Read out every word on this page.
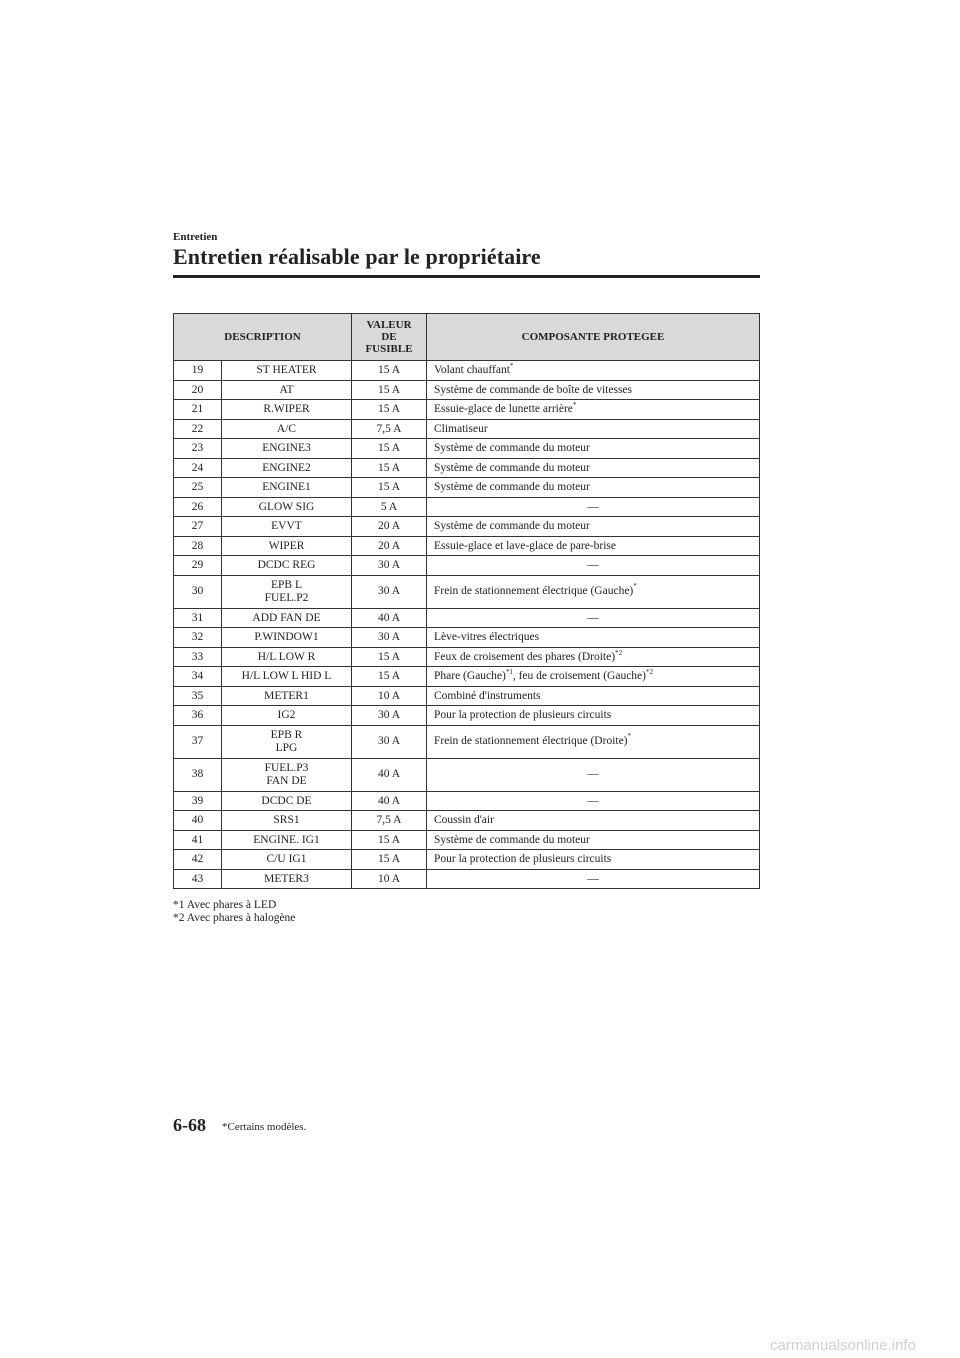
Entretien
Entretien réalisable par le propriétaire
DESCRIPTION		VALEUR
DE
FUSIBLE	COMPOSANTE PROTEGEE
19	ST HEATER	15 A	Volant chauffant*
20	AT	15 A	Système de commande de boîte de vitesses
21	R.WIPER	15 A	Essuie-glace de lunette arrière*
22	A/C	7,5 A	Climatiseur
23	ENGINE3	15 A	Système de commande du moteur
24	ENGINE2	15 A	Système de commande du moteur
25	ENGINE1	15 A	Système de commande du moteur
26	GLOW SIG	5 A	—
27	EVVT	20 A	Système de commande du moteur
28	WIPER	20 A	Essuie-glace et lave-glace de pare-brise
29	DCDC REG	30 A	—
30	EPB L
FUEL.P2	30 A	Frein de stationnement électrique (Gauche)*
31	ADD FAN DE	40 A	—
32	P.WINDOW1	30 A	Lève-vitres électriques
33	H/L LOW R	15 A	Feux de croisement des phares (Droite)$^{*2}$
34	H/L LOW L HID L	15 A	Phare (Gauche)$^{*1}$, feu de croisement (Gauche)$^{*2}$
35	METER1	10 A	Combiné d'instruments
36	IG2	30 A	Pour la protection de plusieurs circuits
37	EPB R
LPG	30 A	Frein de stationnement électrique (Droite)*
38	FUEL.P3
FAN DE	40 A	—
39	DCDC DE	40 A	—
40	SRS1	7,5 A	Coussin d'air
41	ENGINE. IG1	15 A	Système de commande du moteur
42	C/U IG1	15 A	Pour la protection de plusieurs circuits
43	METER3	10 A	—
*1 Avec phares à LED
*2 Avec phares à halogène
6-68 *Certains modèles.
carmanualsonline.info
